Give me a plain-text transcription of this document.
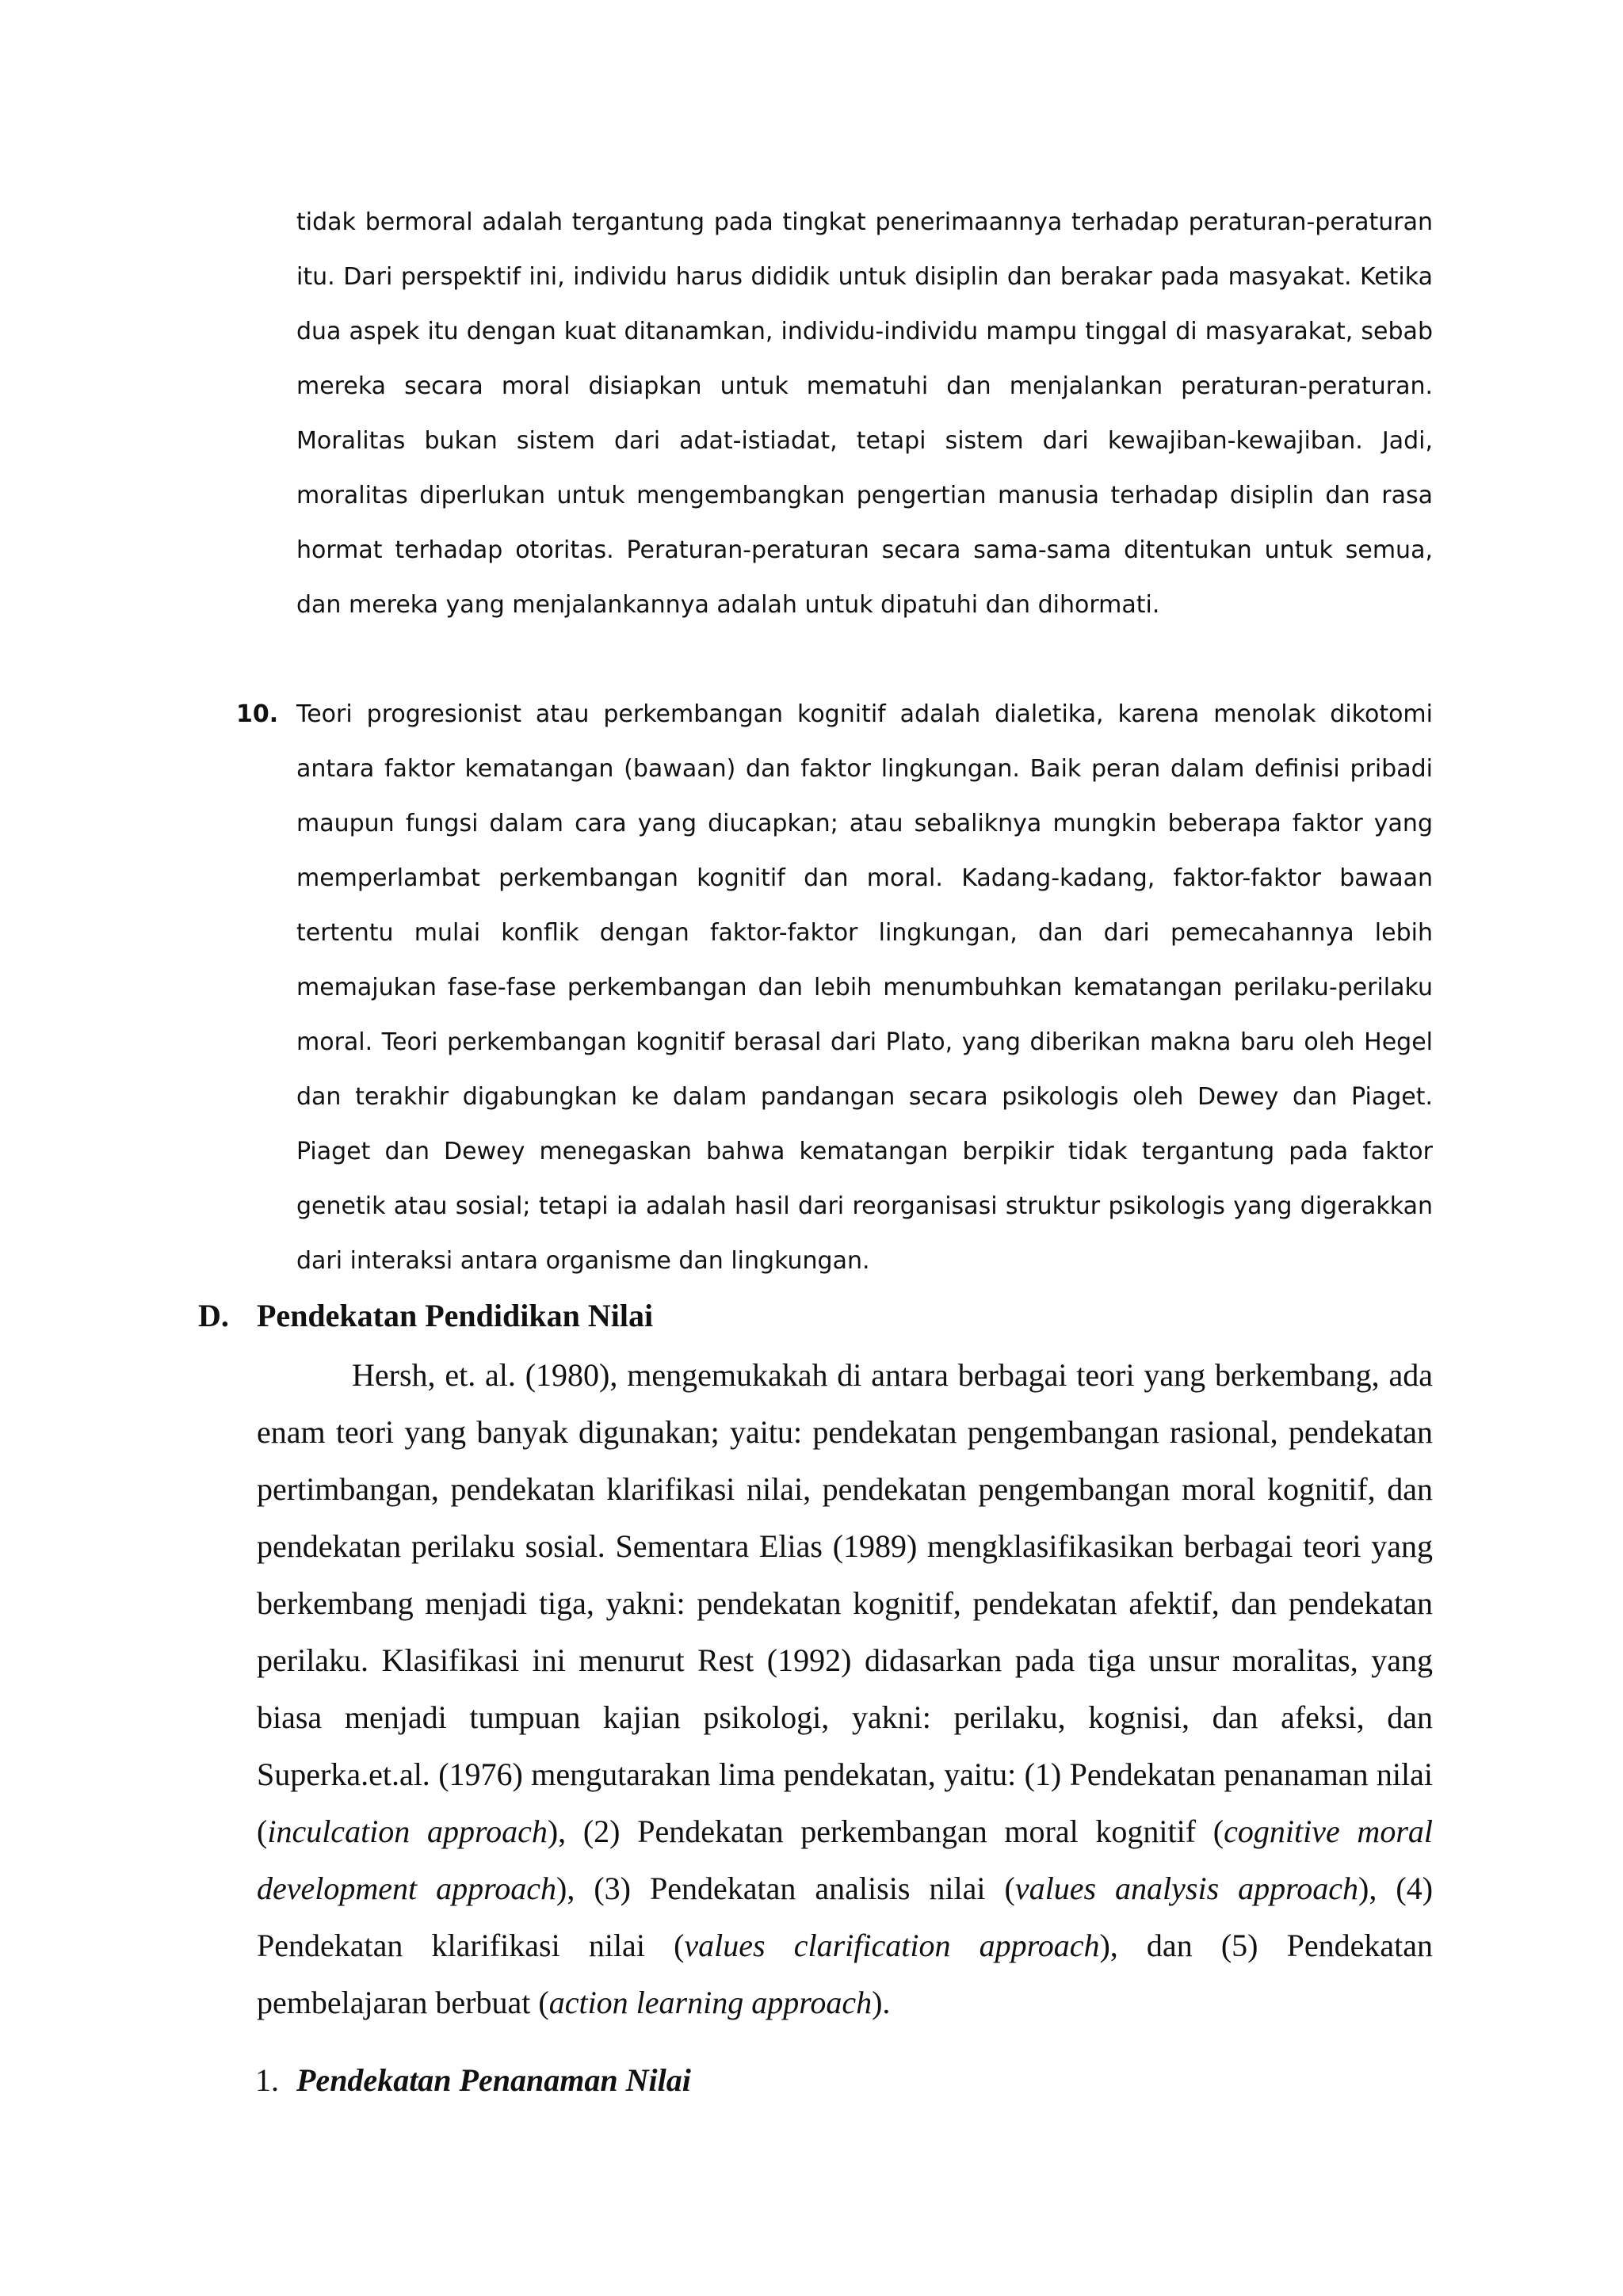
tidak bermoral adalah tergantung pada tingkat penerimaannya terhadap peraturan-peraturan itu. Dari perspektif ini, individu harus dididik untuk disiplin dan berakar pada masyakat. Ketika dua aspek itu dengan kuat ditanamkan, individu-individu mampu tinggal di masyarakat, sebab mereka secara moral disiapkan untuk mematuhi dan menjalankan peraturan-peraturan. Moralitas bukan sistem dari adat-istiadat, tetapi sistem dari kewajiban-kewajiban. Jadi, moralitas diperlukan untuk mengembangkan pengertian manusia terhadap disiplin dan rasa hormat terhadap otoritas. Peraturan-peraturan secara sama-sama ditentukan untuk semua, dan mereka yang menjalankannya adalah untuk dipatuhi dan dihormati.

10. Teori progresionist atau perkembangan kognitif adalah dialetika, karena menolak dikotomi antara faktor kematangan (bawaan) dan faktor lingkungan. Baik peran dalam definisi pribadi maupun fungsi dalam cara yang diucapkan; atau sebaliknya mungkin beberapa faktor yang memperlambat perkembangan kognitif dan moral. Kadang-kadang, faktor-faktor bawaan tertentu mulai konflik dengan faktor-faktor lingkungan, dan dari pemecahannya lebih memajukan fase-fase perkembangan dan lebih menumbuhkan kematangan perilaku-perilaku moral. Teori perkembangan kognitif berasal dari Plato, yang diberikan makna baru oleh Hegel dan terakhir digabungkan ke dalam pandangan secara psikologis oleh Dewey dan Piaget. Piaget dan Dewey menegaskan bahwa kematangan berpikir tidak tergantung pada faktor genetik atau sosial; tetapi ia adalah hasil dari reorganisasi struktur psikologis yang digerakkan dari interaksi antara organisme dan lingkungan.

D. Pendekatan Pendidikan Nilai

Hersh, et. al. (1980), mengemukakah di antara berbagai teori yang berkembang, ada enam teori yang banyak digunakan; yaitu: pendekatan pengembangan rasional, pendekatan pertimbangan, pendekatan klarifikasi nilai, pendekatan pengembangan moral kognitif, dan pendekatan perilaku sosial. Sementara Elias (1989) mengklasifikasikan berbagai teori yang berkembang menjadi tiga, yakni: pendekatan kognitif, pendekatan afektif, dan pendekatan perilaku. Klasifikasi ini menurut Rest (1992) didasarkan pada tiga unsur moralitas, yang biasa menjadi tumpuan kajian psikologi, yakni: perilaku, kognisi, dan afeksi, dan Superka.et.al. (1976) mengutarakan lima pendekatan, yaitu: (1) Pendekatan penanaman nilai (inculcation approach), (2) Pendekatan perkembangan moral kognitif (cognitive moral development approach), (3) Pendekatan analisis nilai (values analysis approach), (4) Pendekatan klarifikasi nilai (values clarification approach), dan (5) Pendekatan pembelajaran berbuat (action learning approach).

1. Pendekatan Penanaman Nilai
